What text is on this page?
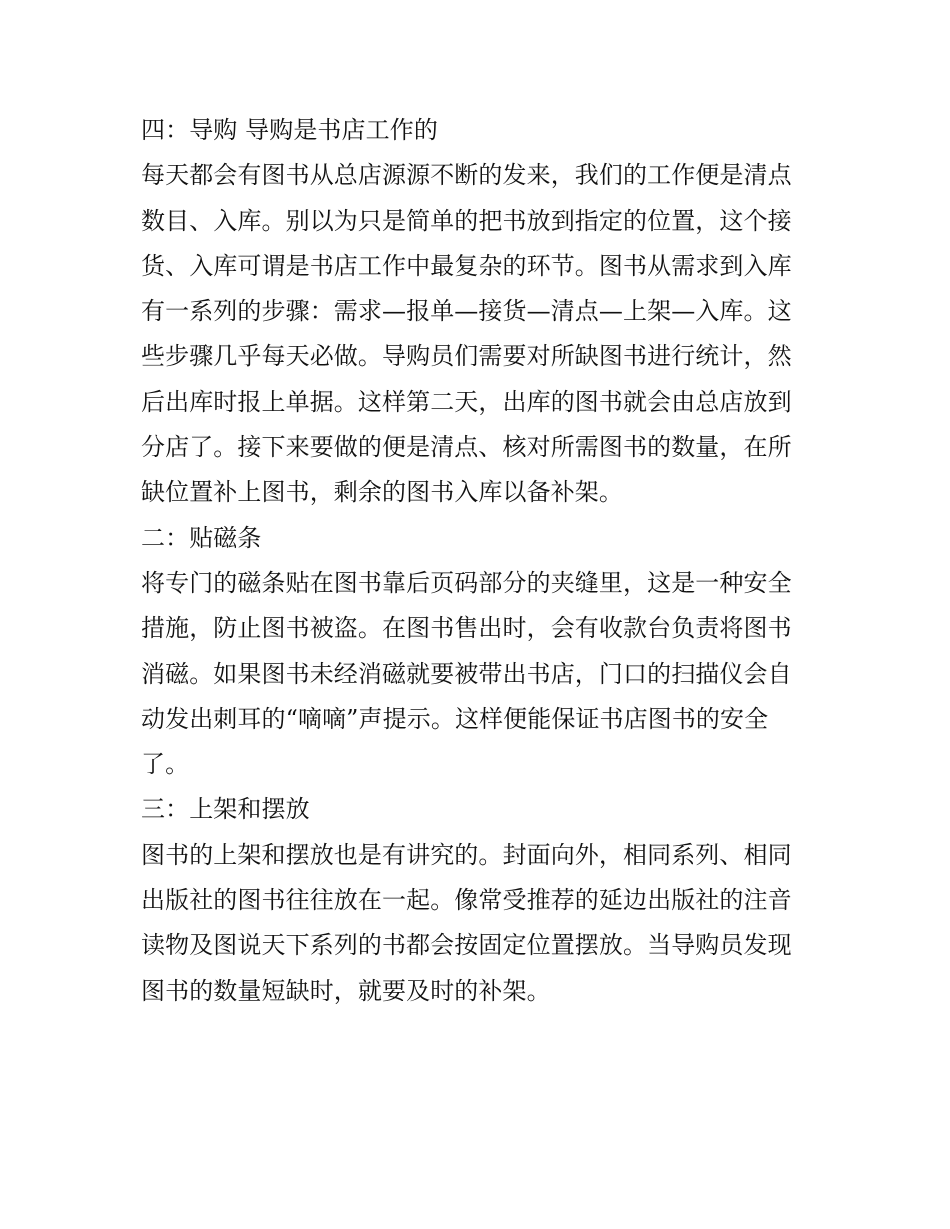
四：导购 导购是书店工作的
每天都会有图书从总店源源不断的发来，我们的工作便是清点
数目、入库。别以为只是简单的把书放到指定的位置，这个接
货、入库可谓是书店工作中最复杂的环节。图书从需求到入库
有一系列的步骤：需求—报单—接货—清点—上架—入库。这
些步骤几乎每天必做。导购员们需要对所缺图书进行统计，然
后出库时报上单据。这样第二天，出库的图书就会由总店放到
分店了。接下来要做的便是清点、核对所需图书的数量，在所
缺位置补上图书，剩余的图书入库以备补架。
二：贴磁条
将专门的磁条贴在图书靠后页码部分的夹缝里，这是一种安全
措施，防止图书被盗。在图书售出时，会有收款台负责将图书
消磁。如果图书未经消磁就要被带出书店，门口的扫描仪会自
动发出刺耳的“嘀嘀”声提示。这样便能保证书店图书的安全
了。
三：上架和摆放
图书的上架和摆放也是有讲究的。封面向外，相同系列、相同
出版社的图书往往放在一起。像常受推荐的延边出版社的注音
读物及图说天下系列的书都会按固定位置摆放。当导购员发现
图书的数量短缺时，就要及时的补架。
